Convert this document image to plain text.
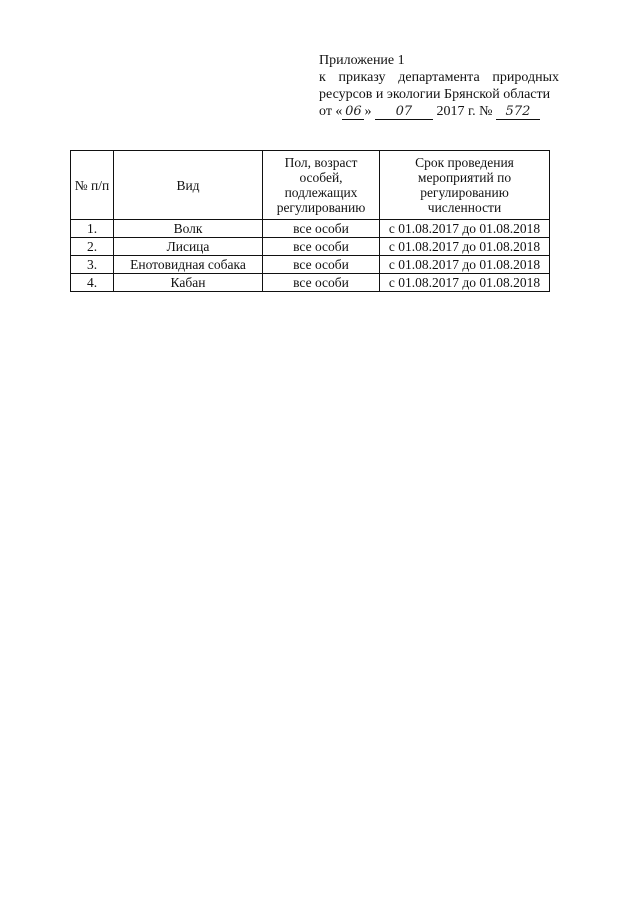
Приложение 1
к приказу департамента природных
ресурсов и экологии Брянской области
от « 06 » 07 2017 г. № 572
№ п/п	Вид	Пол, возраст особей, подлежащих регулированию	Срок проведения мероприятий по регулированию численности
1.	Волк	все особи	с 01.08.2017 до 01.08.2018
2.	Лисица	все особи	с 01.08.2017 до 01.08.2018
3.	Енотовидная собака	все особи	с 01.08.2017 до 01.08.2018
4.	Кабан	все особи	с 01.08.2017 до 01.08.2018
